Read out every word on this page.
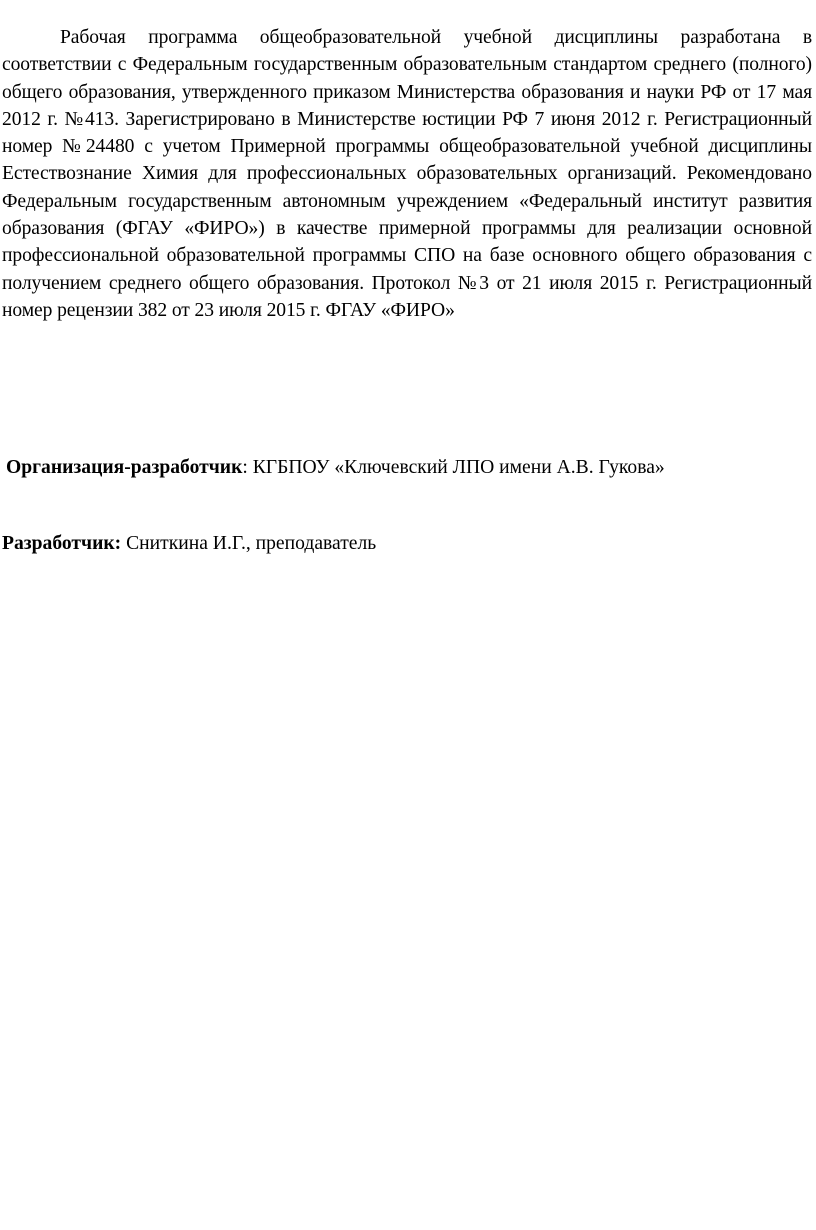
Рабочая программа общеобразовательной учебной дисциплины разработана в соответствии с Федеральным государственным образовательным стандартом среднего (полного) общего образования, утвержденного приказом Министерства образования и науки РФ от 17 мая 2012 г. №413. Зарегистрировано в Министерстве юстиции РФ 7 июня 2012 г. Регистрационный номер №24480 с учетом Примерной программы общеобразовательной учебной дисциплины Естествознание Химия для профессиональных образовательных организаций. Рекомендовано Федеральным государственным автономным учреждением «Федеральный институт развития образования (ФГАУ «ФИРО») в качестве примерной программы для реализации основной профессиональной образовательной программы СПО на базе основного общего образования с получением среднего общего образования. Протокол №3 от 21 июля 2015 г. Регистрационный номер рецензии 382 от 23 июля 2015 г. ФГАУ «ФИРО»

Организация-разработчик: КГБПОУ «Ключевский ЛПО имени А.В. Гукова»

Разработчик: Сниткина И.Г., преподаватель
